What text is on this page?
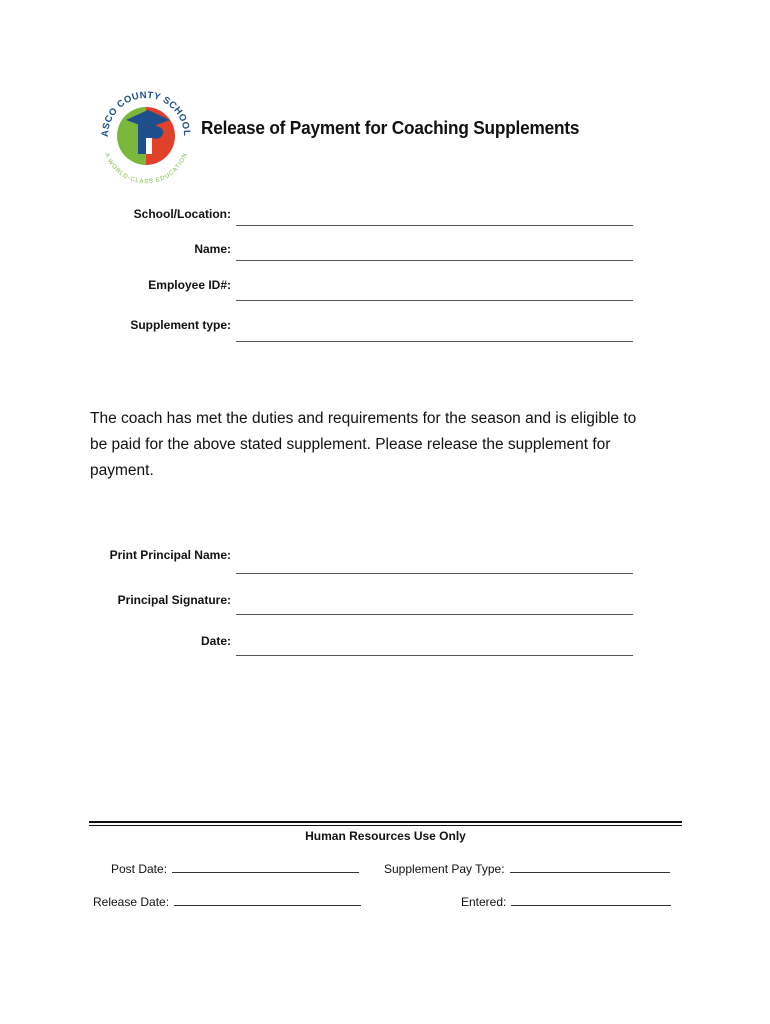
ASCO COUNTY SCHOOL
A WORLD-CLASS EDUCATION
Release of Payment for Coaching Supplements
School/Location:
Name:
Employee ID#:
Supplement type:
The coach has met the duties and requirements for the season and is eligible to
be paid for the above stated supplement. Please release the supplement for
payment.
Print Principal Name:
Principal Signature:
Date:
Human Resources Use Only
Post Date:
Release Date:
Supplement Pay Type:
Entered:
